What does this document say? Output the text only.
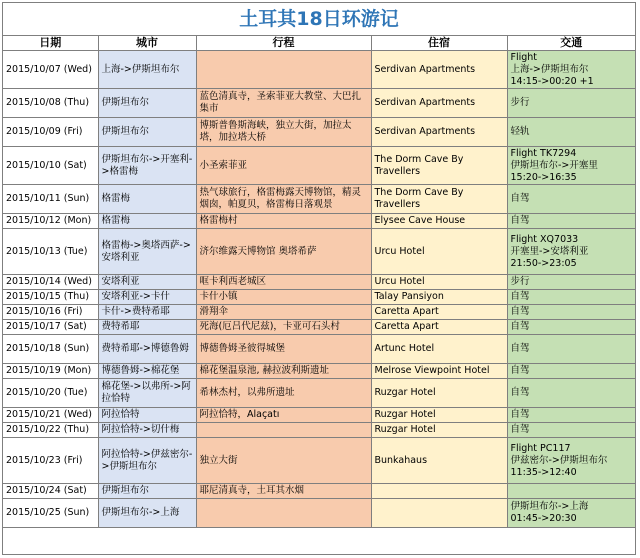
土耳其18日环游记
日期	城市	行程	住宿	交通
2015/10/07 (Wed)	上海->伊斯坦布尔		Serdivan Apartments	Flight
上海->伊斯坦布尔
14:15->00:20 +1
2015/10/08 (Thu)	伊斯坦布尔	蓝色清真寺，圣索菲亚大教堂、大巴扎集市	Serdivan Apartments	步行
2015/10/09 (Fri)	伊斯坦布尔	博斯普鲁斯海峡，独立大街，加拉太塔，加拉塔大桥	Serdivan Apartments	轻轨
2015/10/10 (Sat)	伊斯坦布尔->开塞利->格雷梅	小圣索菲亚	The Dorm Cave By Travellers	Flight TK7294
伊斯坦布尔->开塞里
15:20->16:35
2015/10/11 (Sun)	格雷梅	热气球旅行，格雷梅露天博物馆，精灵烟囱，帕夏贝，格雷梅日落观景	The Dorm Cave By Travellers	自驾
2015/10/12 (Mon)	格雷梅	格雷梅村	Elysee Cave House	自驾
2015/10/13 (Tue)	格雷梅->奥塔西萨->安塔利亚	济尔维露天博物馆 奥塔希萨	Urcu Hotel	Flight XQ7033
开塞里->安塔利亚
21:50->23:05
2015/10/14 (Wed)	安塔利亚	哐卡利西老城区	Urcu Hotel	步行
2015/10/15 (Thu)	安塔利亚->卡什	卡什小镇	Talay Pansiyon	自驾
2015/10/16 (Fri)	卡什->费特希耶	滑翔伞	Caretta Apart	自驾
2015/10/17 (Sat)	费特希耶	死海(厄吕代尼兹)，卡亚可石头村	Caretta Apart	自驾
2015/10/18 (Sun)	费特希耶->博德鲁姆	博德鲁姆圣彼得城堡	Artunc Hotel	自驾
2015/10/19 (Mon)	博德鲁姆->棉花堡	棉花堡温泉池, 赫拉波利斯遗址	Melrose Viewpoint Hotel	自驾
2015/10/20 (Tue)	棉花堡->以弗所->阿拉恰特	希林杰村，以弗所遗址	Ruzgar Hotel	自驾
2015/10/21 (Wed)	阿拉恰特	阿拉恰特，Alaçatı	Ruzgar Hotel	自驾
2015/10/22 (Thu)	阿拉恰特->切什梅		Ruzgar Hotel	自驾
2015/10/23 (Fri)	阿拉恰特->伊兹密尔->伊斯坦布尔	独立大街	Bunkahaus	Flight PC117
伊兹密尔->伊斯坦布尔
11:35->12:40
2015/10/24 (Sat)	伊斯坦布尔	耶尼清真寺，土耳其水烟		
2015/10/25 (Sun)	伊斯坦布尔->上海			伊斯坦布尔->上海
01:45->20:30
